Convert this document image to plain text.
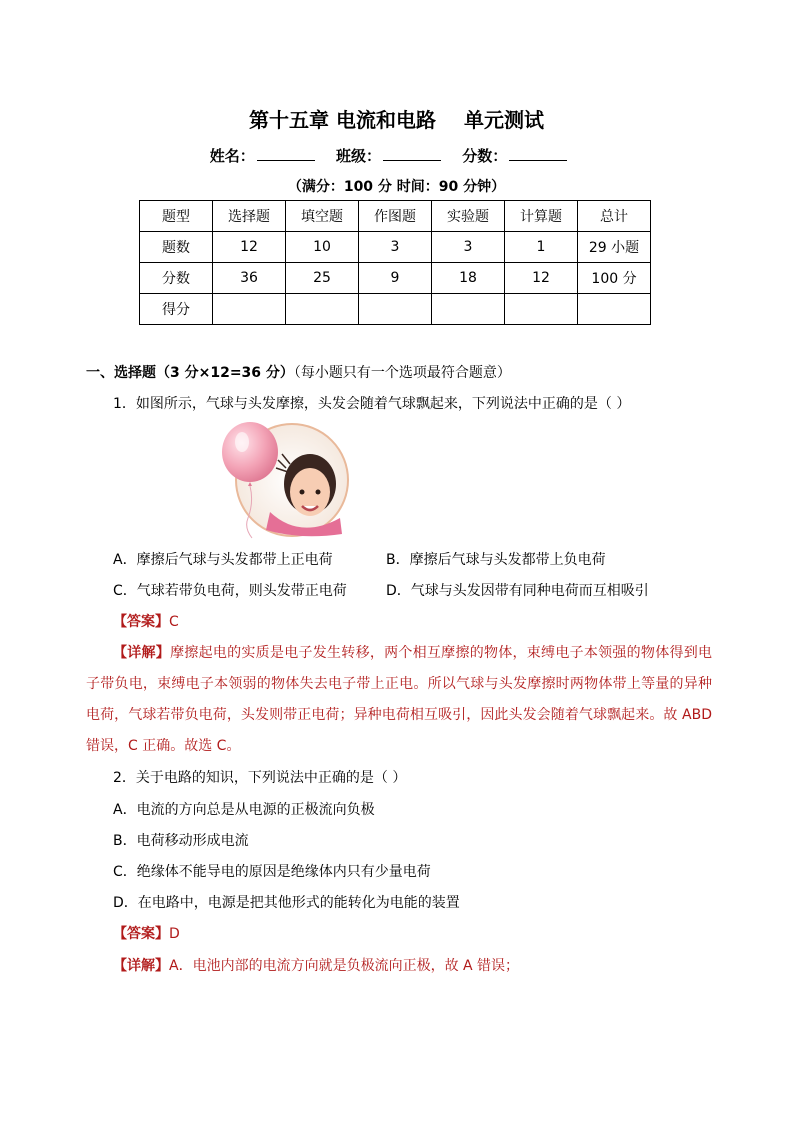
第十五章 电流和电路 单元测试
姓名：	班级：	分数：
（满分：100 分 时间：90 分钟）
题型	选择题	填空题	作图题	实验题	计算题	总计
题数	12	10	3	3	1	29 小题
分数	36	25	9	18	12	100 分
得分						
一、选择题（3 分×12=36 分）（每小题只有一个选项最符合题意）
1．如图所示，气球与头发摩擦，头发会随着气球飘起来，下列说法中正确的是（ ）
A．摩擦后气球与头发都带上正电荷	B．摩擦后气球与头发都带上负电荷
C．气球若带负电荷，则头发带正电荷	D．气球与头发因带有同种电荷而互相吸引
【答案】C
【详解】摩擦起电的实质是电子发生转移，两个相互摩擦的物体，束缚电子本领强的物体得到电子带负电，束缚电子本领弱的物体失去电子带上正电。所以气球与头发摩擦时两物体带上等量的异种电荷，气球若带负电荷，头发则带正电荷；异种电荷相互吸引，因此头发会随着气球飘起来。故 ABD 错误，C 正确。故选 C。
2．关于电路的知识，下列说法中正确的是（ ）
A．电流的方向总是从电源的正极流向负极
B．电荷移动形成电流
C．绝缘体不能导电的原因是绝缘体内只有少量电荷
D．在电路中，电源是把其他形式的能转化为电能的装置
【答案】D
【详解】A．电池内部的电流方向就是负极流向正极，故 A 错误；
